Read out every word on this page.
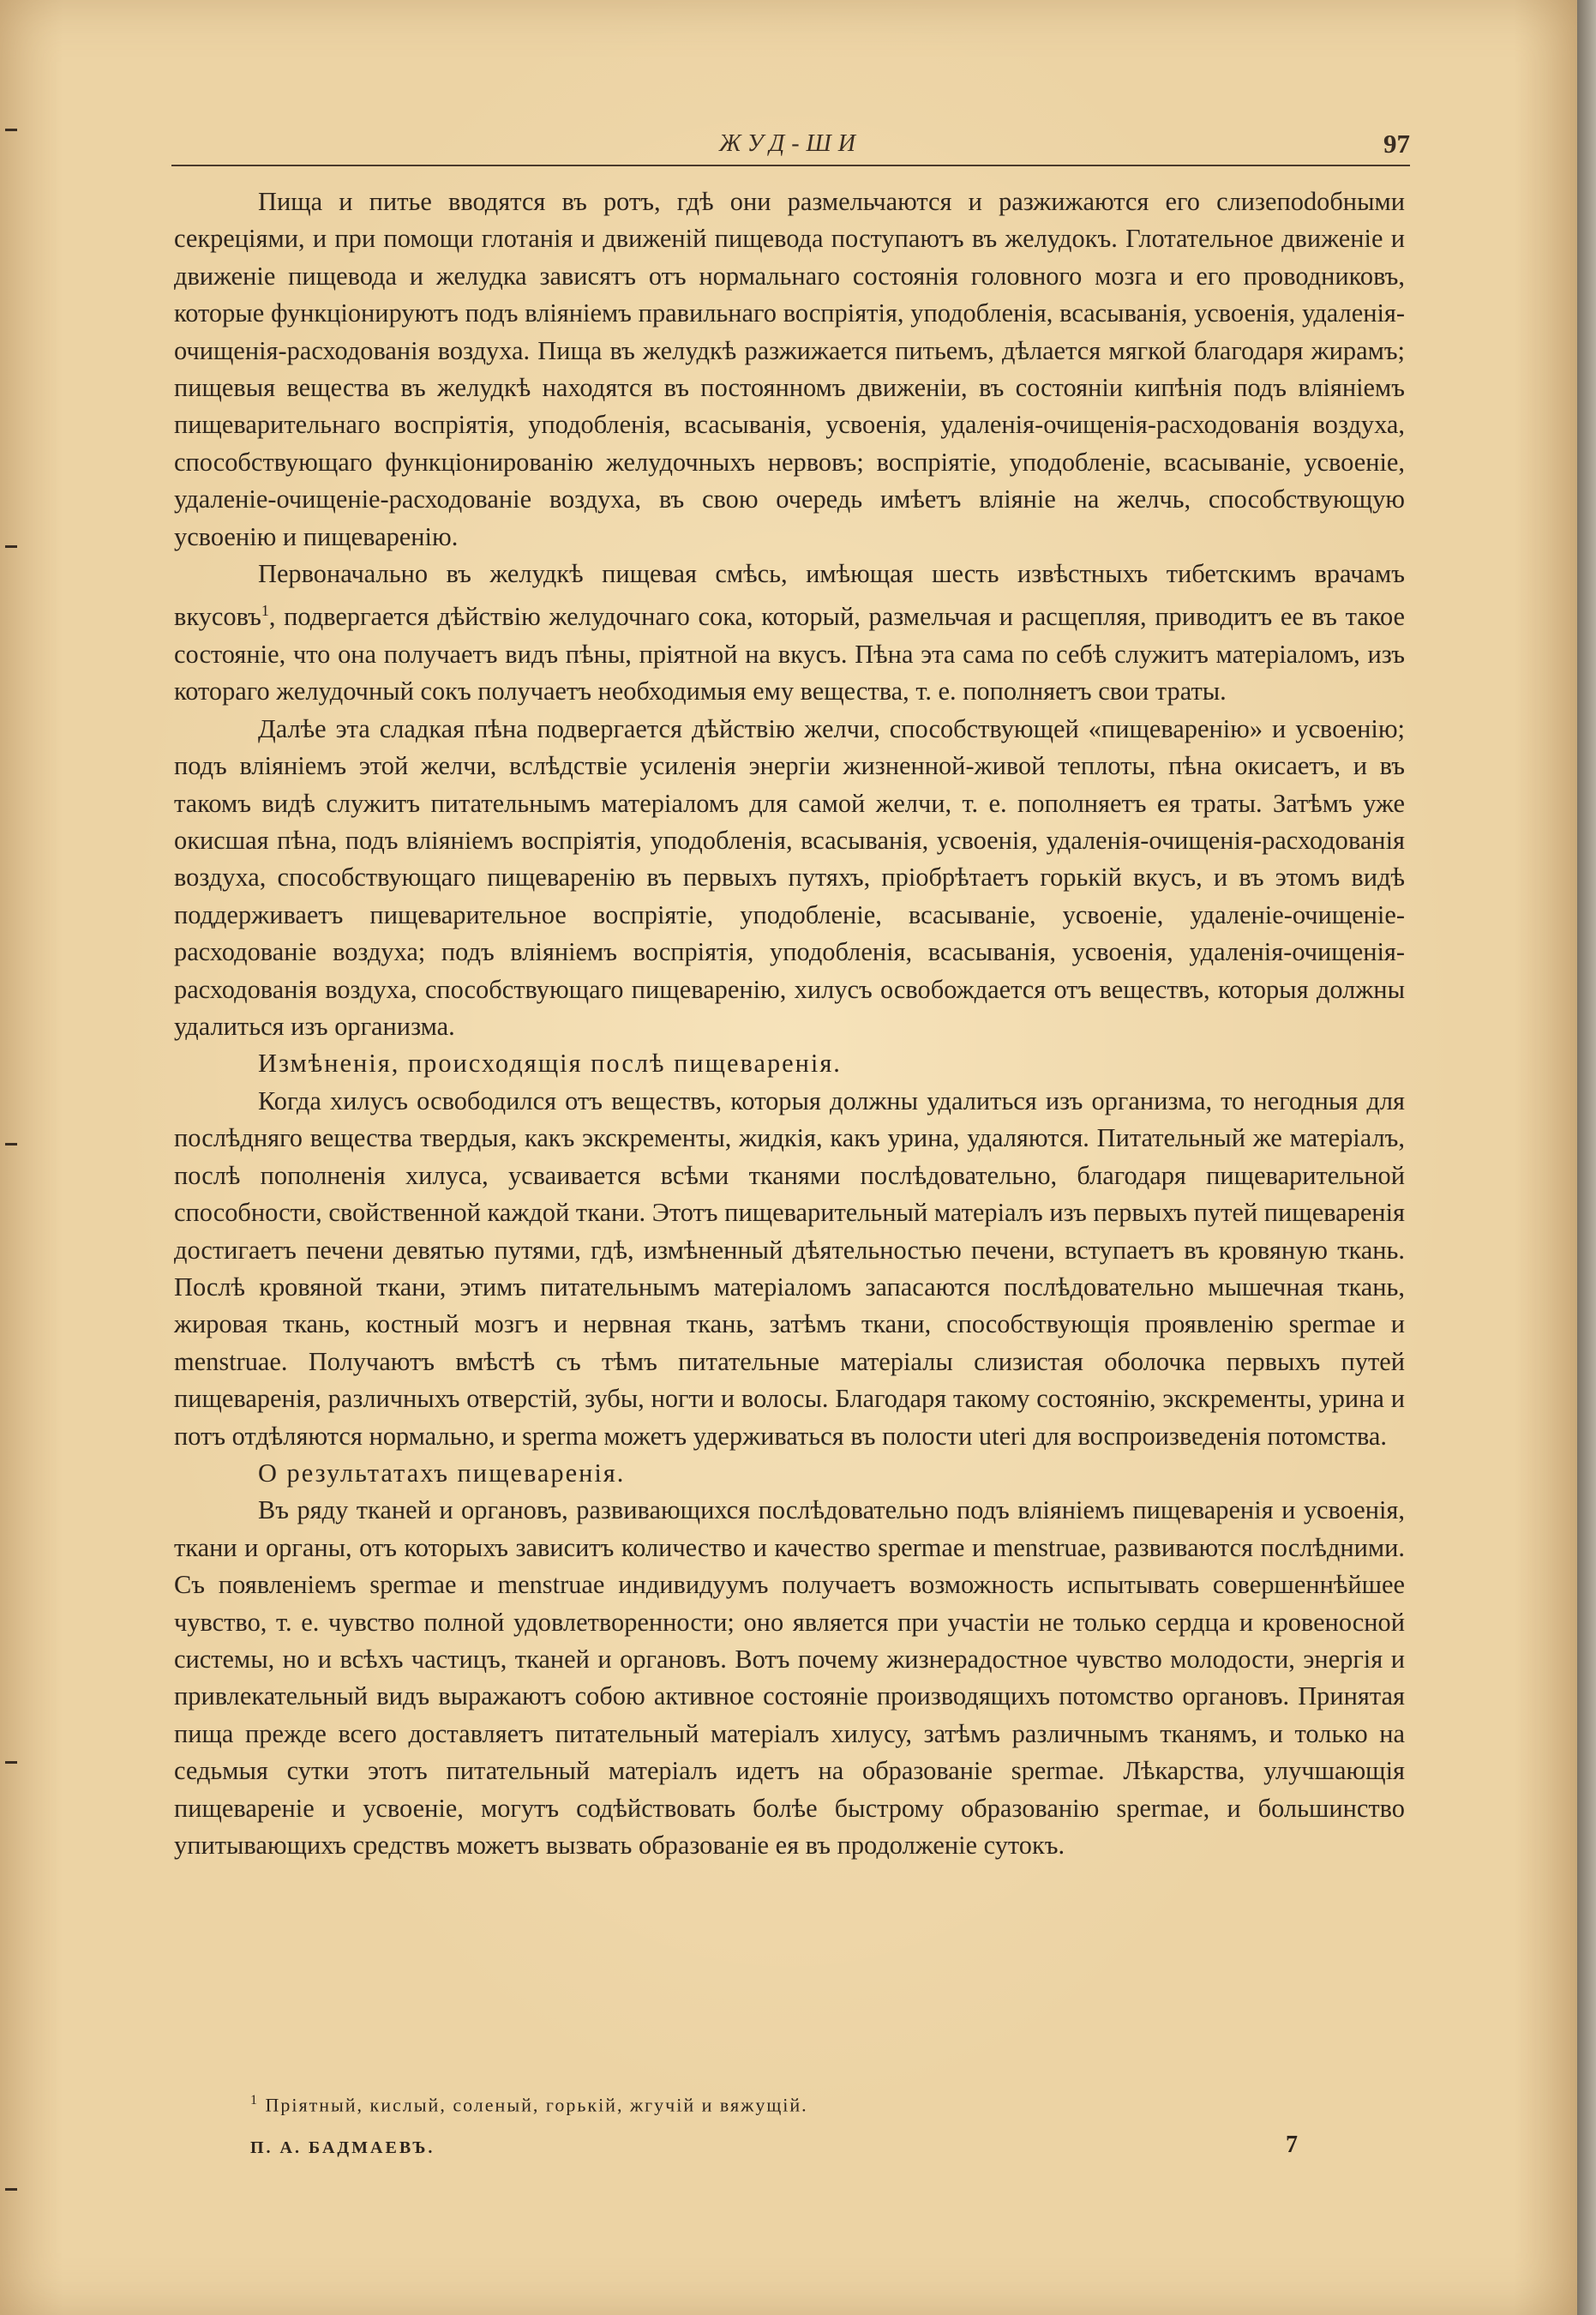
ЖУД-ШИ	97

Пища и питье вводятся въ ротъ, гдѣ они размельчаются и разжижаются его слизепоdобными секреціями, и при помощи глотанія и движеній пищевода поступаютъ въ желудокъ. Глотательное движеніе и движеніе пищевода и желудка зависятъ отъ нормальнаго состоянія головного мозга и его проводниковъ, которые функціонируютъ подъ вліяніемъ правильнаго воспріятія, уподобленія, всасыванія, усвоенія, удаленія-очищенія-расходованія воздуха. Пища въ желудкѣ разжижается питьемъ, дѣлается мягкой благодаря жирамъ; пищевыя вещества въ желудкѣ находятся въ постоянномъ движеніи, въ состояніи кипѣнія подъ вліяніемъ пищеварительнаго воспріятія, уподобленія, всасыванія, усвоенія, удаленія-очищенія-расходованія воздуха, способствующаго функціонированію желудочныхъ нервовъ; воспріятіе, уподобленіе, всасываніе, усвоеніе, удаленіе-очищеніе-расходованіе воздуха, въ свою очередь имѣетъ вліяніе на желчь, способствующую усвоенію и пищеваренію.

Первоначально въ желудкѣ пищевая смѣсь, имѣющая шесть извѣстныхъ тибетскимъ врачамъ вкусовъ$^1$, подвергается дѣйствію желудочнаго сока, который, размельчая и расщепляя, приводитъ ее въ такое состояніе, что она получаетъ видъ пѣны, пріятной на вкусъ. Пѣна эта сама по себѣ служитъ матеріаломъ, изъ котораго желудочный сокъ получаетъ необходимыя ему вещества, т. е. пополняетъ свои траты.

Далѣе эта сладкая пѣна подвергается дѣйствію желчи, способствующей «пищеваренію» и усвоенію; подъ вліяніемъ этой желчи, вслѣдствіе усиленія энергіи жизненной-живой теплоты, пѣна окисаетъ, и въ такомъ видѣ служитъ питательнымъ матеріаломъ для самой желчи, т. е. пополняетъ ея траты. Затѣмъ уже окисшая пѣна, подъ вліяніемъ воспріятія, уподобленія, всасыванія, усвоенія, удаленія-очищенія-расходованія воздуха, способствующаго пищеваренію въ первыхъ путяхъ, пріобрѣтаетъ горькій вкусъ, и въ этомъ видѣ поддерживаетъ пищеварительное воспріятіе, уподобленіе, всасываніе, усвоеніе, удаленіе-очищеніе-расходованіе воздуха; подъ вліяніемъ воспріятія, уподобленія, всасыванія, усвоенія, удаленія-очищенія-расходованія воздуха, способствующаго пищеваренію, хилусъ освобождается отъ веществъ, которыя должны удалиться изъ организма.

Измѣненія, происходящія послѣ пищеваренія.

Когда хилусъ освободился отъ веществъ, которыя должны удалиться изъ организма, то негодныя для послѣдняго вещества твердыя, какъ экскременты, жидкія, какъ урина, удаляются. Питательный же матеріалъ, послѣ пополненія хилуса, усваивается всѣми тканями послѣдовательно, благодаря пищеварительной способности, свойственной каждой ткани. Этотъ пищеварительный матеріалъ изъ первыхъ путей пищеваренія достигаетъ печени девятью путями, гдѣ, измѣненный дѣятельностью печени, вступаетъ въ кровяную ткань. Послѣ кровяной ткани, этимъ питательнымъ матеріаломъ запасаются послѣдовательно мышечная ткань, жировая ткань, костный мозгъ и нервная ткань, затѣмъ ткани, способствующія проявленію spermae и menstruae. Получаютъ вмѣстѣ съ тѣмъ питательные матеріалы слизистая оболочка первыхъ путей пищеваренія, различныхъ отверстій, зубы, ногти и волосы. Благодаря такому состоянію, экскременты, урина и потъ отдѣляются нормально, и sperma можетъ удерживаться въ полости uteri для воспроизведенія потомства.

О результатахъ пищеваренія.

Въ ряду тканей и органовъ, развивающихся послѣдовательно подъ вліяніемъ пищеваренія и усвоенія, ткани и органы, отъ которыхъ зависитъ количество и качество spermae и menstruae, развиваются послѣдними. Съ появленіемъ spermae и menstruae индивидуумъ получаетъ возможность испытывать совершеннѣйшее чувство, т. е. чувство полной удовлетворенности; оно является при участіи не только сердца и кровеносной системы, но и всѣхъ частицъ, тканей и органовъ. Вотъ почему жизнерадостное чувство молодости, энергія и привлекательный видъ выражаютъ собою активное состояніе производящихъ потомство органовъ. Принятая пища прежде всего доставляетъ питательный матеріалъ хилусу, затѣмъ различнымъ тканямъ, и только на седьмыя сутки этотъ питательный матеріалъ идетъ на образованіе spermae. Лѣкарства, улучшающія пищевареніе и усвоеніе, могутъ содѣйствовать болѣе быстрому образованію spermae, и большинство упитывающихъ средствъ можетъ вызвать образованіе ея въ продолженіе сутокъ.

$^1$ Пріятный, кислый, соленый, горькій, жгучій и вяжущій.
П. А. БАДМАЕВЪ.	7
